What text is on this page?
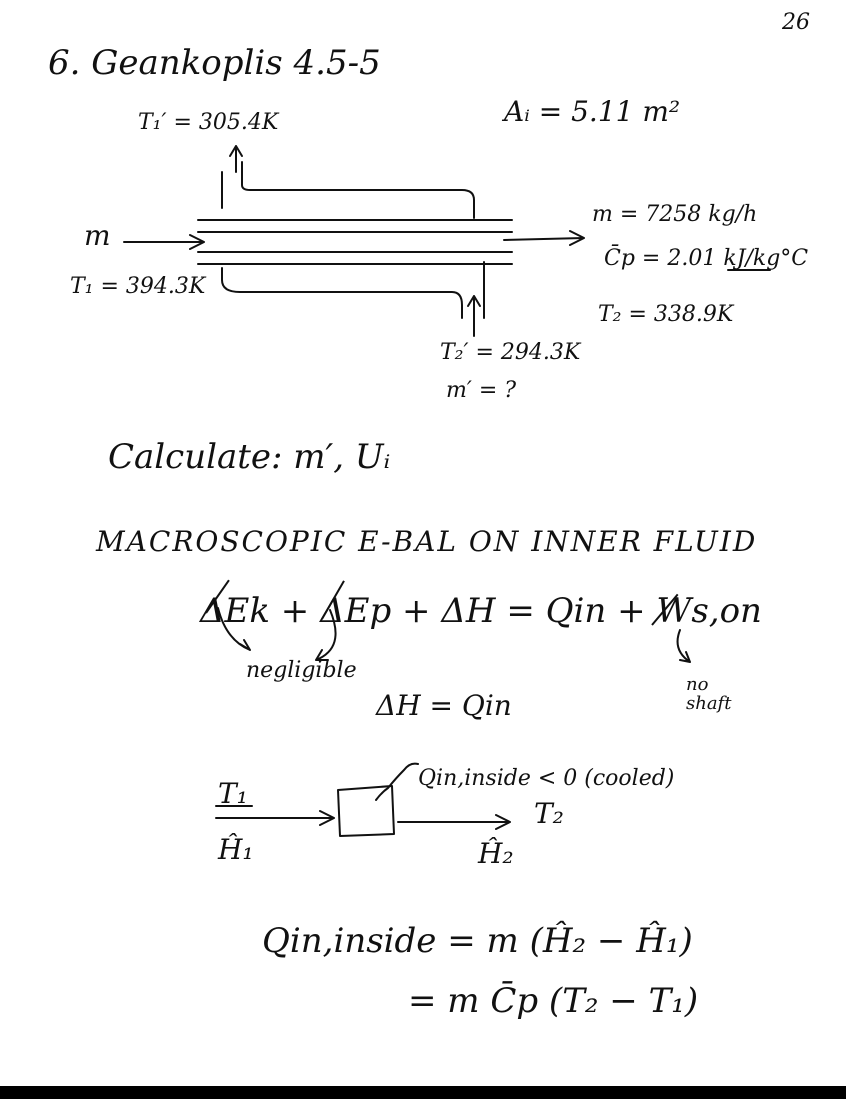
26
6. Geankoplis 4.5-5
T₁′ = 305.4K	Aᵢ = 5.11 m²
m
T₁ = 394.3K
m = 7258 kg/h
C̄p = 2.01 kJ/kg°C
T₂ = 338.9K
T₂′ = 294.3K
m′ = ?
Calculate: m′, Uᵢ
MACROSCOPIC E-BAL ON INNER FLUID
ΔEk + ΔEp + ΔH = Qin + Ws,on
negligible
no shaft
ΔH = Qin
T₁
Ĥ₁
Qin,inside < 0 (cooled)
T₂
Ĥ₂
Qin,inside = m (Ĥ₂ − Ĥ₁)
= m C̄p (T₂ − T₁)
